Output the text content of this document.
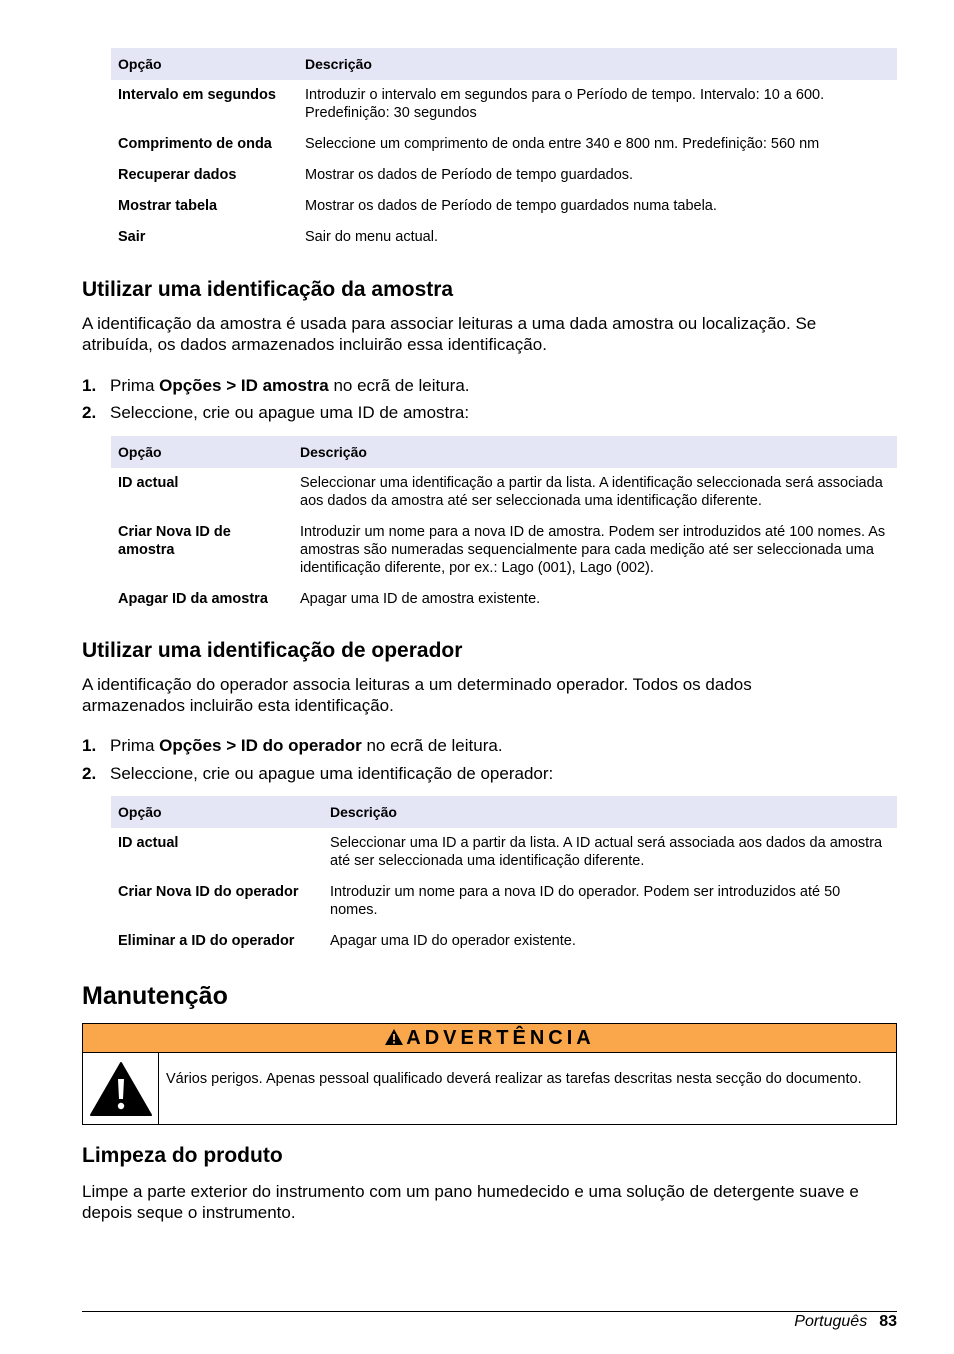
Opção	Descrição
Intervalo em segundos	Introduzir o intervalo em segundos para o Período de tempo. Intervalo: 10 a 600. Predefinição: 30 segundos
Comprimento de onda	Seleccione um comprimento de onda entre 340 e 800 nm. Predefinição: 560 nm
Recuperar dados	Mostrar os dados de Período de tempo guardados.
Mostrar tabela	Mostrar os dados de Período de tempo guardados numa tabela.
Sair	Sair do menu actual.
Utilizar uma identificação da amostra

A identificação da amostra é usada para associar leituras a uma dada amostra ou localização. Se atribuída, os dados armazenados incluirão essa identificação.

1. Prima Opções > ID amostra no ecrã de leitura.
2. Seleccione, crie ou apague uma ID de amostra:
Opção	Descrição
ID actual	Seleccionar uma identificação a partir da lista. A identificação seleccionada será associada aos dados da amostra até ser seleccionada uma identificação diferente.
Criar Nova ID de amostra	Introduzir um nome para a nova ID de amostra. Podem ser introduzidos até 100 nomes. As amostras são numeradas sequencialmente para cada medição até ser seleccionada uma identificação diferente, por ex.: Lago (001), Lago (002).
Apagar ID da amostra	Apagar uma ID de amostra existente.
Utilizar uma identificação de operador

A identificação do operador associa leituras a um determinado operador. Todos os dados armazenados incluirão esta identificação.

1. Prima Opções > ID do operador no ecrã de leitura.
2. Seleccione, crie ou apague uma identificação de operador:
Opção	Descrição
ID actual	Seleccionar uma ID a partir da lista. A ID actual será associada aos dados da amostra até ser seleccionada uma identificação diferente.
Criar Nova ID do operador	Introduzir um nome para a nova ID do operador. Podem ser introduzidos até 50 nomes.
Eliminar a ID do operador	Apagar uma ID do operador existente.
Manutenção
ADVERTÊNCIA
Vários perigos. Apenas pessoal qualificado deverá realizar as tarefas descritas nesta secção do documento.
Limpeza do produto

Limpe a parte exterior do instrumento com um pano humedecido e uma solução de detergente suave e depois seque o instrumento.

Português 83
